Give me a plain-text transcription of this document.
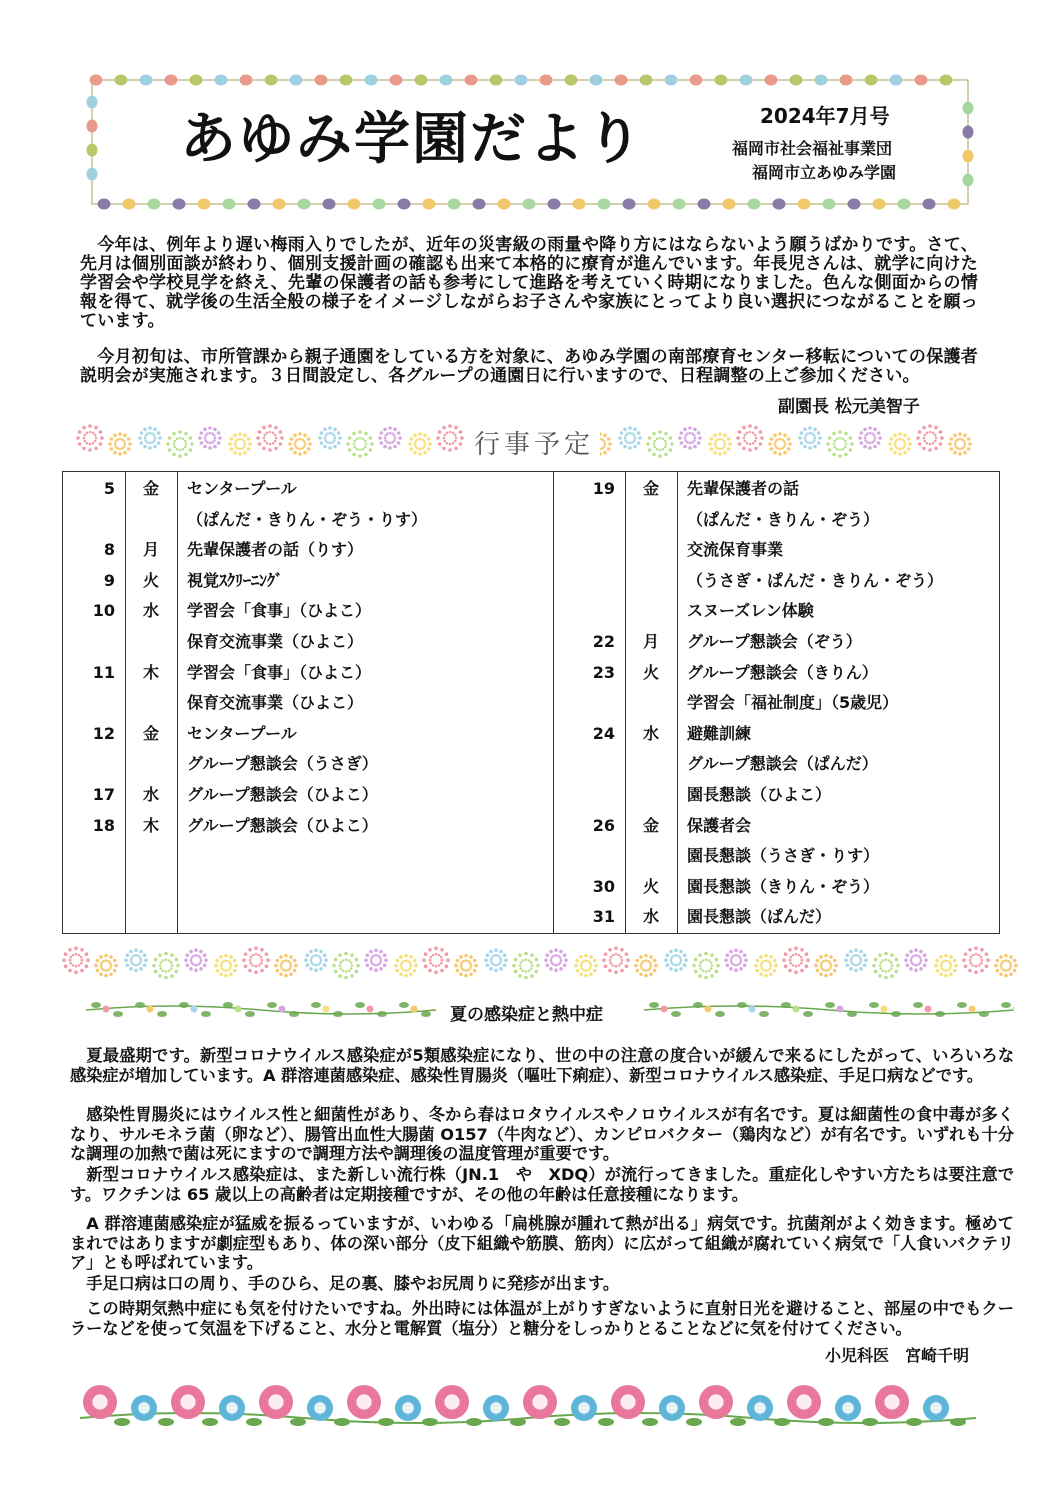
あゆみ学園だより	2024年7月号
福岡市社会福祉事業団
福岡市立あゆみ学園
　今年は、例年より遅い梅雨入りでしたが、近年の災害級の雨量や降り方にはならないよう願うばかりです。さて、先月は個別面談が終わり、個別支援計画の確認も出来て本格的に療育が進んでいます。年長児さんは、就学に向けた学習会や学校見学を終え、先輩の保護者の話も参考にして進路を考えていく時期になりました。色んな側面からの情報を得て、就学後の生活全般の様子をイメージしながらお子さんや家族にとってより良い選択につながることを願っています。
　今月初旬は、市所管課から親子通園をしている方を対象に、あゆみ学園の南部療育センター移転についての保護者説明会が実施されます。３日間設定し、各グループの通園日に行いますので、日程調整の上ご参加ください。
副園長 松元美智子
行事予定
5	金	センタープール
（ぱんだ・きりん・ぞう・りす）
8	月	先輩保護者の話（りす）
9	火	視覚ｽｸﾘｰﾆﾝｸﾞ
10	水	学習会「食事」（ひよこ）
保育交流事業（ひよこ）
11	木	学習会「食事」（ひよこ）
保育交流事業（ひよこ）
12	金	センタープール
グループ懇談会（うさぎ）
17	水	グループ懇談会（ひよこ）
18	木	グループ懇談会（ひよこ）
19	金	先輩保護者の話
（ぱんだ・きりん・ぞう）
交流保育事業
（うさぎ・ぱんだ・きりん・ぞう）
スヌーズレン体験
22	月	グループ懇談会（ぞう）
23	火	グループ懇談会（きりん）
学習会「福祉制度」（5歳児）
24	水	避難訓練
グループ懇談会（ぱんだ）
園長懇談（ひよこ）
26	金	保護者会
園長懇談（うさぎ・りす）
30	火	園長懇談（きりん・ぞう）
31	水	園長懇談（ぱんだ）
夏の感染症と熱中症
　夏最盛期です。新型コロナウイルス感染症が5類感染症になり、世の中の注意の度合いが緩んで来るにしたがって、いろいろな感染症が増加しています。A 群溶連菌感染症、感染性胃腸炎（嘔吐下痢症）、新型コロナウイルス感染症、手足口病などです。
　感染性胃腸炎にはウイルス性と細菌性があり、冬から春はロタウイルスやノロウイルスが有名です。夏は細菌性の食中毒が多くなり、サルモネラ菌（卵など）、腸管出血性大腸菌 O157（牛肉など）、カンピロバクター（鶏肉など）が有名です。いずれも十分な調理の加熱で菌は死にますので調理方法や調理後の温度管理が重要です。
　新型コロナウイルス感染症は、また新しい流行株（JN.1　や　XDQ）が流行ってきました。重症化しやすい方たちは要注意です。ワクチンは 65 歳以上の高齢者は定期接種ですが、その他の年齢は任意接種になります。
　A 群溶連菌感染症が猛威を振るっていますが、いわゆる「扁桃腺が腫れて熱が出る」病気です。抗菌剤がよく効きます。極めてまれではありますが劇症型もあり、体の深い部分（皮下組織や筋膜、筋肉）に広がって組織が腐れていく病気で「人食いバクテリア」とも呼ばれています。
　手足口病は口の周り、手のひら、足の裏、膝やお尻周りに発疹が出ます。
　この時期気熱中症にも気を付けたいですね。外出時には体温が上がりすぎないように直射日光を避けること、部屋の中でもクーラーなどを使って気温を下げること、水分と電解質（塩分）と糖分をしっかりとることなどに気を付けてください。
小児科医　宮崎千明
